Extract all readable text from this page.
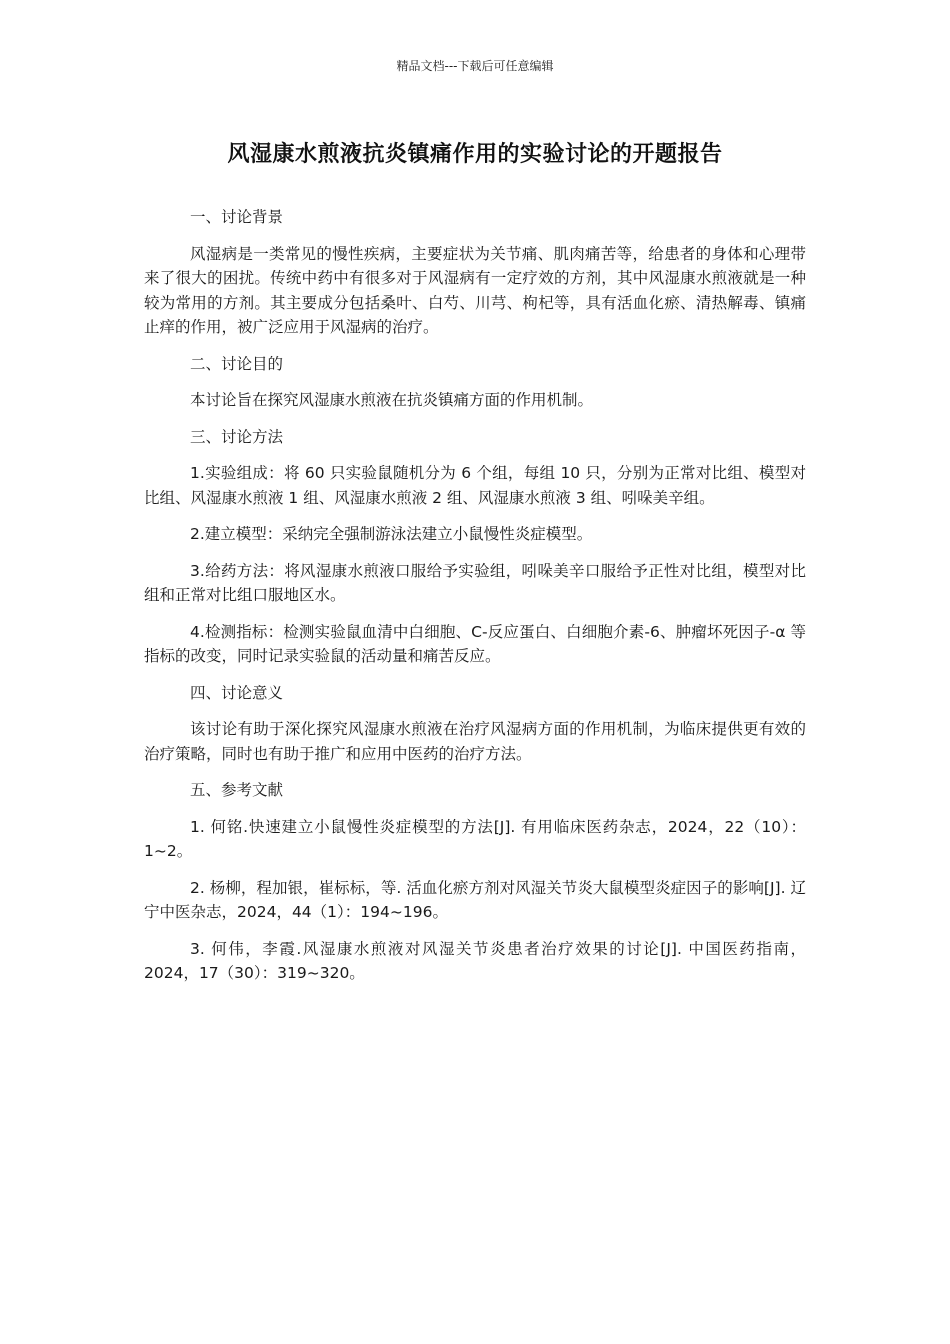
精品文档---下载后可任意编辑
风湿康水煎液抗炎镇痛作用的实验讨论的开题报告

一、讨论背景

风湿病是一类常见的慢性疾病，主要症状为关节痛、肌肉痛苦等，给患者的身体和心理带来了很大的困扰。传统中药中有很多对于风湿病有一定疗效的方剂，其中风湿康水煎液就是一种较为常用的方剂。其主要成分包括桑叶、白芍、川芎、枸杞等，具有活血化瘀、清热解毒、镇痛止痒的作用，被广泛应用于风湿病的治疗。

二、讨论目的

本讨论旨在探究风湿康水煎液在抗炎镇痛方面的作用机制。

三、讨论方法

1.实验组成：将 60 只实验鼠随机分为 6 个组，每组 10 只，分别为正常对比组、模型对比组、风湿康水煎液 1 组、风湿康水煎液 2 组、风湿康水煎液 3 组、吲哚美辛组。

2.建立模型：采纳完全强制游泳法建立小鼠慢性炎症模型。

3.给药方法：将风湿康水煎液口服给予实验组，吲哚美辛口服给予正性对比组，模型对比组和正常对比组口服地区水。

4.检测指标：检测实验鼠血清中白细胞、C-反应蛋白、白细胞介素-6、肿瘤坏死因子-α 等指标的改变，同时记录实验鼠的活动量和痛苦反应。

四、讨论意义

该讨论有助于深化探究风湿康水煎液在治疗风湿病方面的作用机制，为临床提供更有效的治疗策略，同时也有助于推广和应用中医药的治疗方法。

五、参考文献

1. 何铭.快速建立小鼠慢性炎症模型的方法[J]. 有用临床医药杂志，2024，22（10）：1~2。

2. 杨柳，程加银，崔标标，等. 活血化瘀方剂对风湿关节炎大鼠模型炎症因子的影响[J]. 辽宁中医杂志，2024，44（1）：194~196。

3. 何伟，李霞.风湿康水煎液对风湿关节炎患者治疗效果的讨论[J]. 中国医药指南，2024，17（30）：319~320。
